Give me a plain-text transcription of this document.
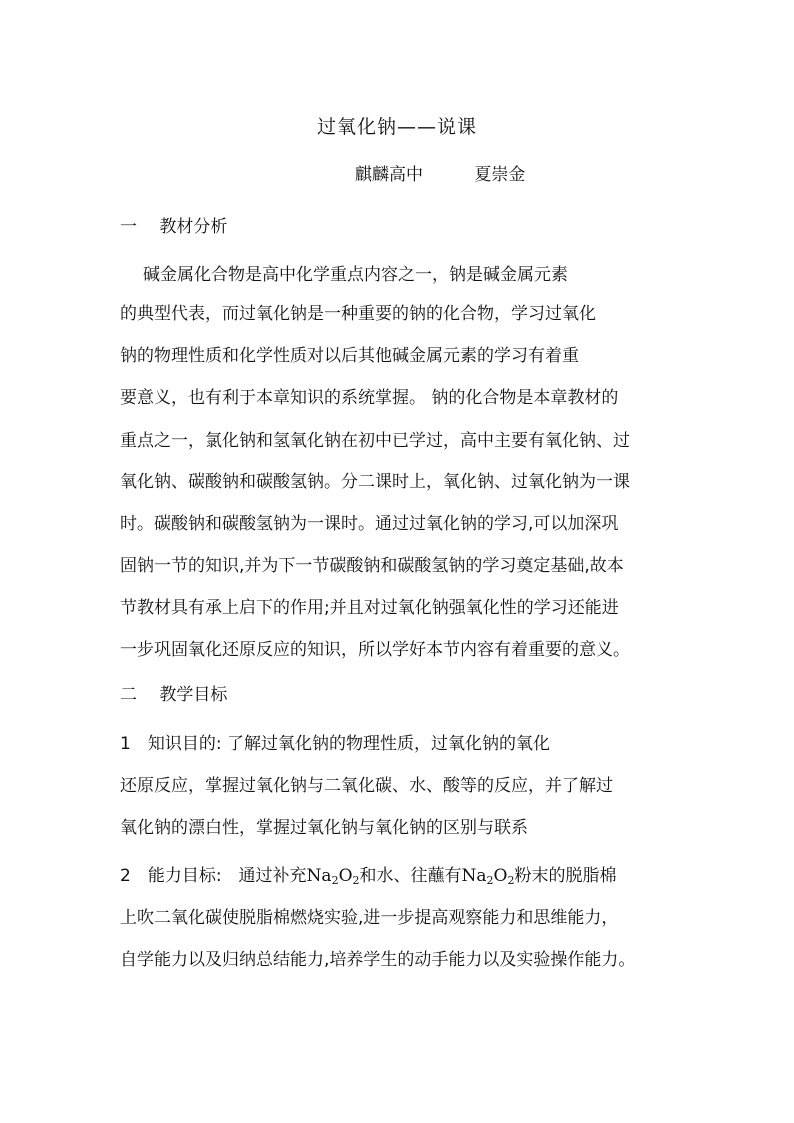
过氧化钠——说课
麒麟高中	夏崇金
一　 教材分析
　碱金属化合物是高中化学重点内容之一，钠是碱金属元素
的典型代表，而过氧化钠是一种重要的钠的化合物，学习过氧化
钠的物理性质和化学性质对以后其他碱金属元素的学习有着重
要意义，也有利于本章知识的系统掌握。 钠的化合物是本章教材的
重点之一，氯化钠和氢氧化钠在初中已学过，高中主要有氧化钠、过
氧化钠、碳酸钠和碳酸氢钠。分二课时上，氧化钠、过氧化钠为一课
时。碳酸钠和碳酸氢钠为一课时。通过过氧化钠的学习,可以加深巩
固钠一节的知识,并为下一节碳酸钠和碳酸氢钠的学习奠定基础,故本
节教材具有承上启下的作用;并且对过氧化钠强氧化性的学习还能进
一步巩固氧化还原反应的知识，所以学好本节内容有着重要的意义。
二　 教学目标
1　知识目的: 了解过氧化钠的物理性质，过氧化钠的氧化
还原反应，掌握过氧化钠与二氧化碳、水、酸等的反应，并了解过
氧化钠的漂白性，掌握过氧化钠与氧化钠的区别与联系
2　能力目标:　通过补充$Na_2O_2$和水、往蘸有$Na_2O_2$粉末的脱脂棉
上吹二氧化碳使脱脂棉燃烧实验,进一步提高观察能力和思维能力，
自学能力以及归纳总结能力,培养学生的动手能力以及实验操作能力。
